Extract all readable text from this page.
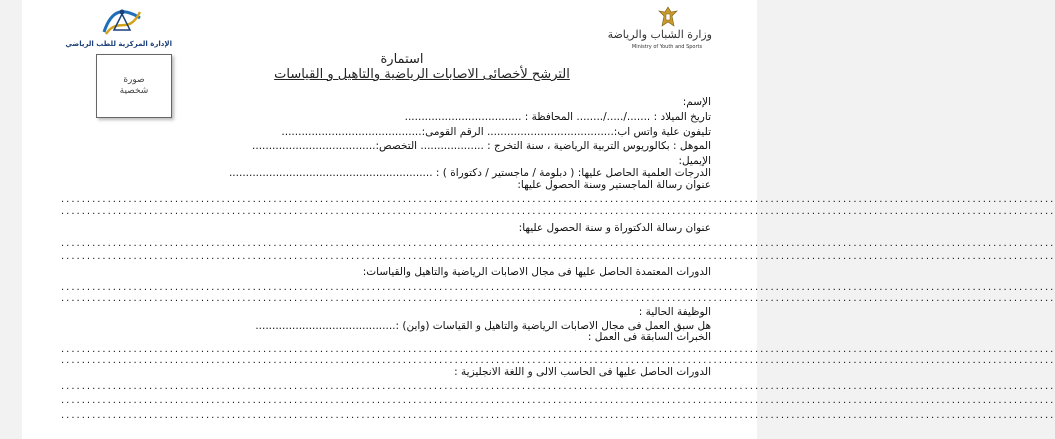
الإدارة المركزية للطب الرياضي
وزارة الشباب والرياضة
Ministry of Youth and Sports
صورة
شخصية
استمارة
الترشح لأخصائى الاصابات الرياضية والتاهيل و القياسات
الإسم:
تاريخ الميلاد : ......./...../........ المحافظة : ...................................
تليفون علية واتس اب:...................................... الرقم القومى:..........................................
الموهل : بكالوريوس التربية الرياضية ، سنة التخرج : ................... التخصص:.....................................
الإيميل:
الدرجات العلمية الحاصل عليها: ( دبلومة / ماجستير / دكتوراة ) : .............................................................
عنوان رسالة الماجستير وسنة الحصول عليها:
................................................................................................................................................................................................
................................................................................................................................................................................................
عنوان رسالة الدكتوراة و سنة الحصول عليها:
................................................................................................................................................................................................
................................................................................................................................................................................................
الدورات المعتمدة الحاصل عليها فى مجال الاصابات الرياضية والتاهيل والقياسات:
................................................................................................................................................................................................
................................................................................................................................................................................................
الوظيفة الحالية :
هل سبق العمل فى مجال الاصابات الرياضية والتاهيل و القياسات (واين) :..........................................
الخبرات السابقة فى العمل :
................................................................................................................................................................................................
................................................................................................................................................................................................
الدورات الحاصل عليها فى الحاسب الالى و اللغة الانجليزية :
................................................................................................................................................................................................
................................................................................................................................................................................................
................................................................................................................................................................................................
